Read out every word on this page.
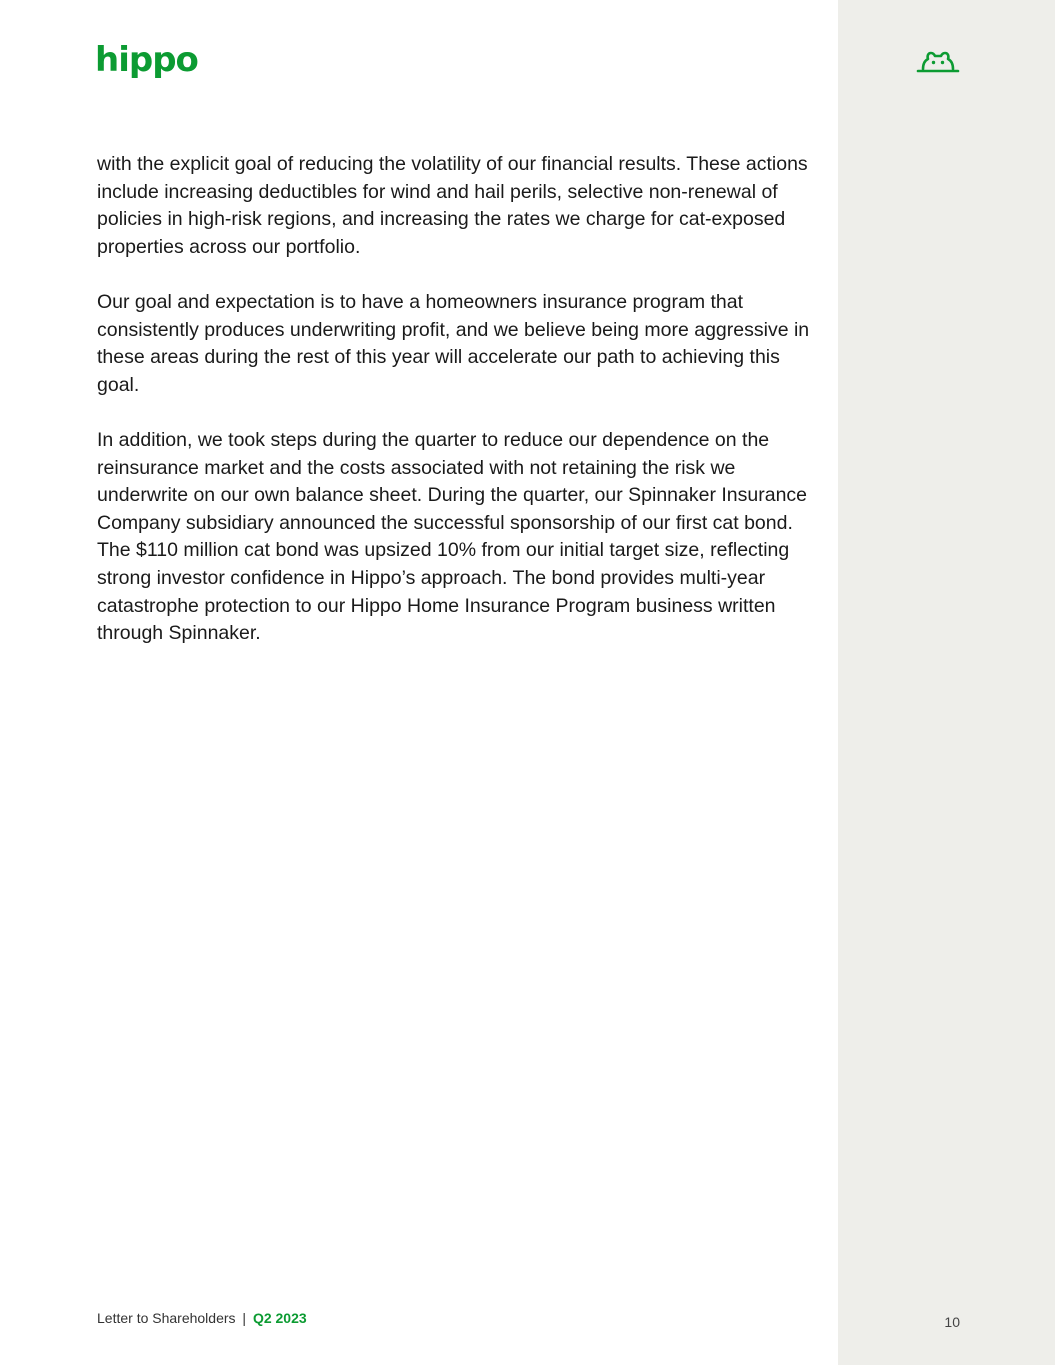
hippo

with the explicit goal of reducing the volatility of our financial results. These actions include increasing deductibles for wind and hail perils, selective non-renewal of policies in high-risk regions, and increasing the rates we charge for cat-exposed properties across our portfolio.

Our goal and expectation is to have a homeowners insurance program that consistently produces underwriting profit, and we believe being more aggressive in these areas during the rest of this year will accelerate our path to achieving this goal.

In addition, we took steps during the quarter to reduce our dependence on the reinsurance market and the costs associated with not retaining the risk we underwrite on our own balance sheet. During the quarter, our Spinnaker Insurance Company subsidiary announced the successful sponsorship of our first cat bond. The $110 million cat bond was upsized 10% from our initial target size, reflecting strong investor confidence in Hippo’s approach. The bond provides multi-year catastrophe protection to our Hippo Home Insurance Program business written through Spinnaker.

Letter to Shareholders | Q2 2023	10
